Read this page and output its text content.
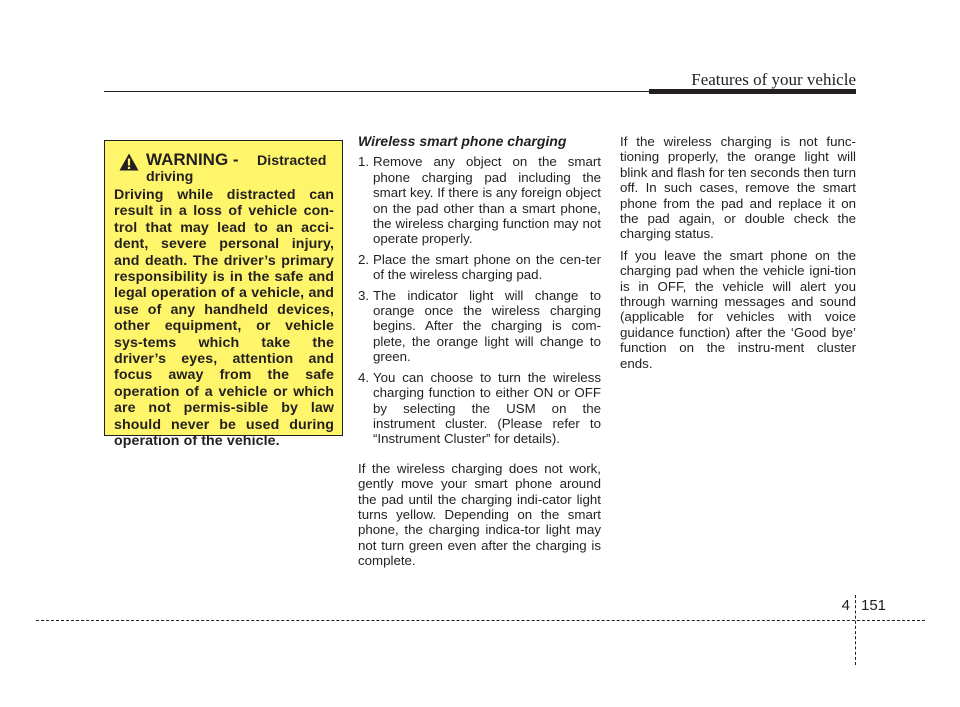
Features of your vehicle
WARNING -	Distracted driving

Driving while distracted can result in a loss of vehicle con-trol that may lead to an acci-dent, severe personal injury, and death. The driver’s primary responsibility is in the safe and legal operation of a vehicle, and use of any handheld devices, other equipment, or vehicle sys-tems which take the driver’s eyes, attention and focus away from the safe operation of a vehicle or which are not permis-sible by law should never be used during operation of the vehicle.

Wireless smart phone charging

1. Remove any object on the smart phone charging pad including the smart key. If there is any foreign object on the pad other than a smart phone, the wireless charging function may not operate properly.
2. Place the smart phone on the cen-ter of the wireless charging pad.
3. The indicator light will change to orange once the wireless charging begins. After the charging is com-plete, the orange light will change to green.
4. You can choose to turn the wireless charging function to either ON or OFF by selecting the USM on the instrument cluster. (Please refer to “Instrument Cluster” for details).

If the wireless charging does not work, gently move your smart phone around the pad until the charging indi-cator light turns yellow. Depending on the smart phone, the charging indica-tor light may not turn green even after the charging is complete.

If the wireless charging is not func-tioning properly, the orange light will blink and flash for ten seconds then turn off. In such cases, remove the smart phone from the pad and replace it on the pad again, or double check the charging status.

If you leave the smart phone on the charging pad when the vehicle igni-tion is in OFF, the vehicle will alert you through warning messages and sound (applicable for vehicles with voice guidance function) after the ‘Good bye’ function on the instru-ment cluster ends.

4 151
